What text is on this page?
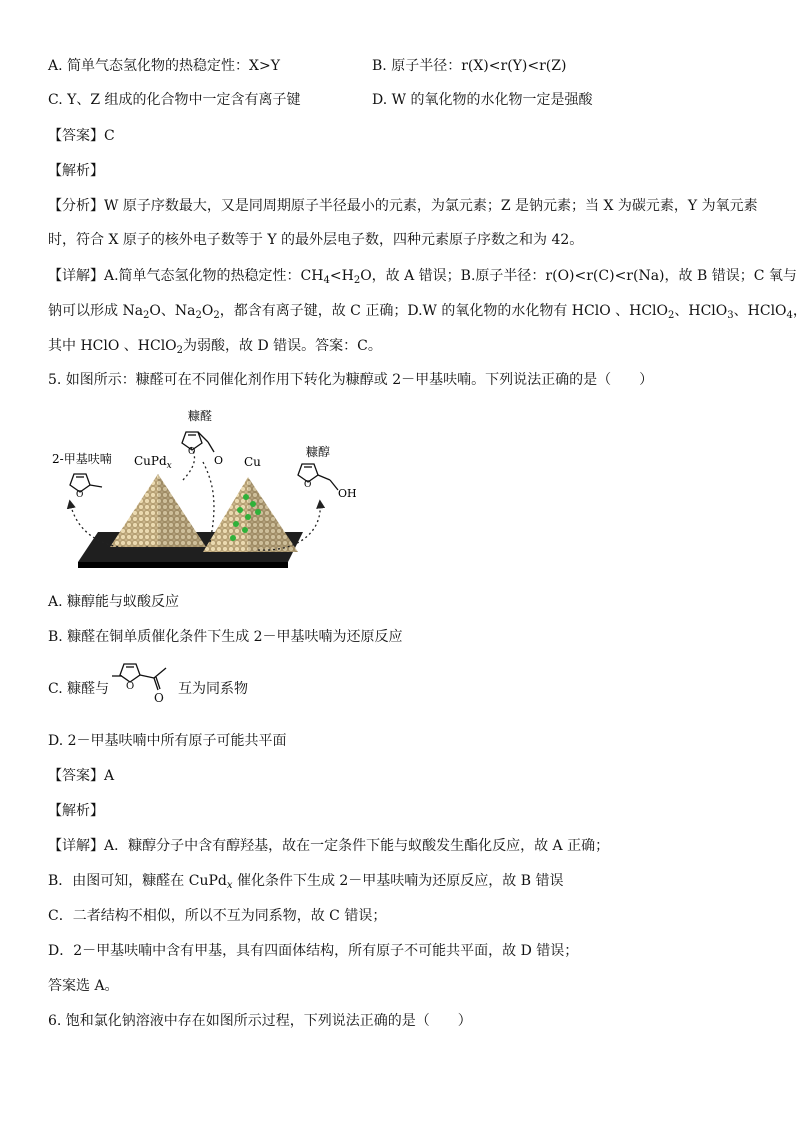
A. 简单气态氢化物的热稳定性：X>Y	B. 原子半径：r(X)<r(Y)<r(Z)
C. Y、Z 组成的化合物中一定含有离子键	D. W 的氧化物的水化物一定是强酸
【答案】C
【解析】
【分析】W 原子序数最大，又是同周期原子半径最小的元素，为氯元素；Z 是钠元素；当 X 为碳元素，Y 为氧元素
时，符合 X 原子的核外电子数等于 Y 的最外层电子数，四种元素原子序数之和为 42。
【详解】A.简单气态氢化物的热稳定性：$CH_4<H_2O$，故 A 错误；B.原子半径：r(O)<r(C)<r(Na)，故 B 错误；C 氧与
钠可以形成 $Na_2O$、$Na_2O_2$，都含有离子键，故 C 正确；D.W 的氧化物的水化物有 HClO 、HClO$_2$、HClO$_3$、HClO$_4$，
其中 HClO 、HClO$_2$为弱酸，故 D 错误。答案：C。
5. 如图所示：糠醛可在不同催化剂作用下转化为糠醇或 2－甲基呋喃。下列说法正确的是（　　）
糠醛
O
O
2-甲基呋喃
O
CuPd$_x$	Cu
糠醇
O
OH
A. 糠醇能与蚁酸反应
B. 糠醛在铜单质催化条件下生成 2－甲基呋喃为还原反应
C. 糠醛与 O
O
互为同系物
D. 2－甲基呋喃中所有原子可能共平面
【答案】A
【解析】
【详解】A．糠醇分子中含有醇羟基，故在一定条件下能与蚁酸发生酯化反应，故 A 正确；
B．由图可知，糠醛在 CuPd$_x$ 催化条件下生成 2－甲基呋喃为还原反应，故 B 错误
C．二者结构不相似，所以不互为同系物，故 C 错误；
D．2－甲基呋喃中含有甲基，具有四面体结构，所有原子不可能共平面，故 D 错误；
答案选 A。
6. 饱和氯化钠溶液中存在如图所示过程，下列说法正确的是（　　）
